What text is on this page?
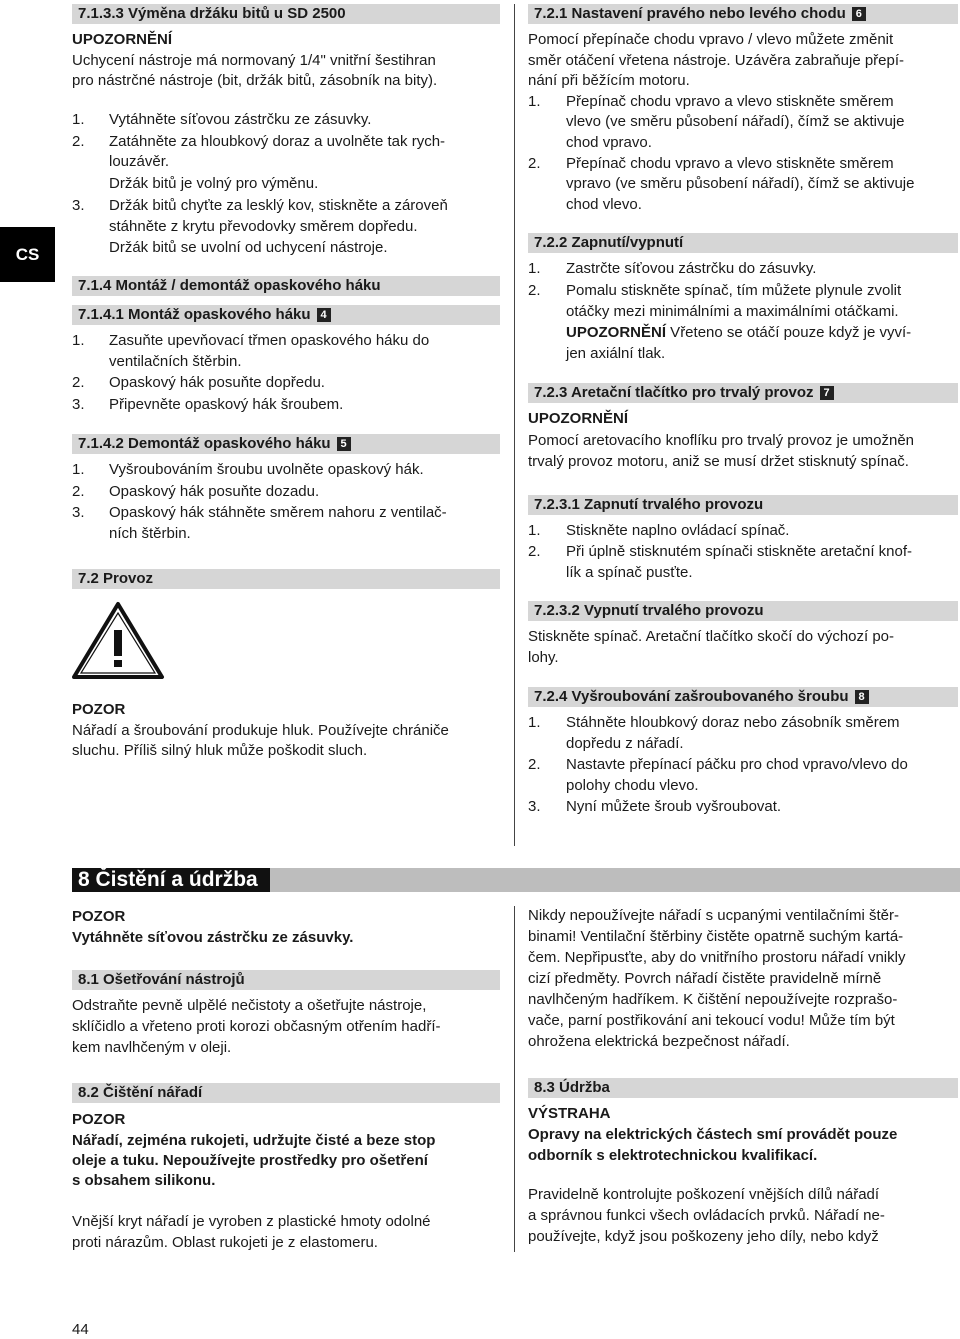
CS
7.1.3.3 Výměna držáku bitů u SD 2500
UPOZORNĚNÍ
Uchycení nástroje má normovaný 1/4" vnitřní šestihran
pro nástrčné nástroje (bit, držák bitů, zásobník na bity).
1. Vytáhněte síťovou zástrčku ze zásuvky.
2. Zatáhněte za hloubkový doraz a uvolněte tak rych-
louzávěr.
Držák bitů je volný pro výměnu.
3. Držák bitů chyťte za lesklý kov, stiskněte a zároveň
stáhněte z krytu převodovky směrem dopředu.
Držák bitů se uvolní od uchycení nástroje.
7.1.4 Montáž / demontáž opaskového háku
7.1.4.1 Montáž opaskového háku 4
1. Zasuňte upevňovací třmen opaskového háku do
ventilačních štěrbin.
2. Opaskový hák posuňte dopředu.
3. Připevněte opaskový hák šroubem.
7.1.4.2 Demontáž opaskového háku 5
1. Vyšroubováním šroubu uvolněte opaskový hák.
2. Opaskový hák posuňte dozadu.
3. Opaskový hák stáhněte směrem nahoru z ventilač-
ních štěrbin.
7.2 Provoz
POZOR
Nářadí a šroubování produkuje hluk. Používejte chrániče
sluchu. Příliš silný hluk může poškodit sluch.
7.2.1 Nastavení pravého nebo levého chodu 6
Pomocí přepínače chodu vpravo / vlevo můžete změnit
směr otáčení vřetena nástroje. Uzávěra zabraňuje přepí-
nání při běžícím motoru.
1. Přepínač chodu vpravo a vlevo stiskněte směrem
vlevo (ve směru působení nářadí), čímž se aktivuje
chod vpravo.
2. Přepínač chodu vpravo a vlevo stiskněte směrem
vpravo (ve směru působení nářadí), čímž se aktivuje
chod vlevo.
7.2.2 Zapnutí/vypnutí
1. Zastrčte síťovou zástrčku do zásuvky.
2. Pomalu stiskněte spínač, tím můžete plynule zvolit
otáčky mezi minimálními a maximálními otáčkami.
UPOZORNĚNÍ Vřeteno se otáčí pouze když je vyví-
jen axiální tlak.
7.2.3 Aretační tlačítko pro trvalý provoz 7
UPOZORNĚNÍ
Pomocí aretovacího knoflíku pro trvalý provoz je umožněn
trvalý provoz motoru, aniž se musí držet stisknutý spínač.
7.2.3.1 Zapnutí trvalého provozu
1. Stiskněte naplno ovládací spínač.
2. Při úplně stisknutém spínači stiskněte aretační knof-
lík a spínač pusťte.
7.2.3.2 Vypnutí trvalého provozu
Stiskněte spínač. Aretační tlačítko skočí do výchozí po-
lohy.
7.2.4 Vyšroubování zašroubovaného šroubu 8
1. Stáhněte hloubkový doraz nebo zásobník směrem
dopředu z nářadí.
2. Nastavte přepínací páčku pro chod vpravo/vlevo do
polohy chodu vlevo.
3. Nyní můžete šroub vyšroubovat.
8 Čistění a údržba
POZOR
Vytáhněte síťovou zástrčku ze zásuvky.
8.1 Ošetřování nástrojů
Odstraňte pevně ulpělé nečistoty a ošetřujte nástroje,
sklíčidlo a vřeteno proti korozi občasným otřením hadří-
kem navlhčeným v oleji.
8.2 Čištění nářadí
POZOR
Nářadí, zejména rukojeti, udržujte čisté a beze stop
oleje a tuku. Nepoužívejte prostředky pro ošetření
s obsahem silikonu.
Vnější kryt nářadí je vyroben z plastické hmoty odolné
proti nárazům. Oblast rukojeti je z elastomeru.
Nikdy nepoužívejte nářadí s ucpanými ventilačními štěr-
binami! Ventilační štěrbiny čistěte opatrně suchým kartá-
čem. Nepřipusťte, aby do vnitřního prostoru nářadí vnikly
cizí předměty. Povrch nářadí čistěte pravidelně mírně
navlhčeným hadříkem. K čištění nepoužívejte rozprašo-
vače, parní postřikování ani tekoucí vodu! Může tím být
ohrožena elektrická bezpečnost nářadí.
8.3 Údržba
VÝSTRAHA
Opravy na elektrických částech smí provádět pouze
odborník s elektrotechnickou kvalifikací.
Pravidelně kontrolujte poškození vnějších dílů nářadí
a správnou funkci všech ovládacích prvků. Nářadí ne-
používejte, když jsou poškozeny jeho díly, nebo když
44
